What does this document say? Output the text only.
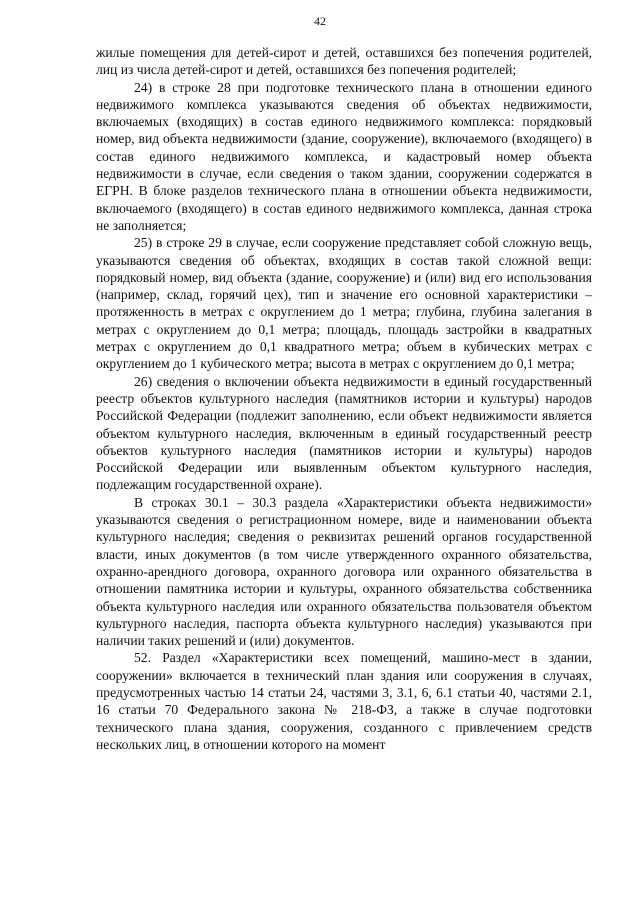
42

жилые помещения для детей-сирот и детей, оставшихся без попечения родителей, лиц из числа детей-сирот и детей, оставшихся без попечения родителей;

24) в строке 28 при подготовке технического плана в отношении единого недвижимого комплекса указываются сведения об объектах недвижимости, включаемых (входящих) в состав единого недвижимого комплекса: порядковый номер, вид объекта недвижимости (здание, сооружение), включаемого (входящего) в состав единого недвижимого комплекса, и кадастровый номер объекта недвижимости в случае, если сведения о таком здании, сооружении содержатся в ЕГРН. В блоке разделов технического плана в отношении объекта недвижимости, включаемого (входящего) в состав единого недвижимого комплекса, данная строка не заполняется;

25) в строке 29 в случае, если сооружение представляет собой сложную вещь, указываются сведения об объектах, входящих в состав такой сложной вещи: порядковый номер, вид объекта (здание, сооружение) и (или) вид его использования (например, склад, горячий цех), тип и значение его основной характеристики – протяженность в метрах с округлением до 1 метра; глубина, глубина залегания в метрах с округлением до 0,1 метра; площадь, площадь застройки в квадратных метрах с округлением до 0,1 квадратного метра; объем в кубических метрах с округлением до 1 кубического метра; высота в метрах с округлением до 0,1 метра;

26) сведения о включении объекта недвижимости в единый государственный реестр объектов культурного наследия (памятников истории и культуры) народов Российской Федерации (подлежит заполнению, если объект недвижимости является объектом культурного наследия, включенным в единый государственный реестр объектов культурного наследия (памятников истории и культуры) народов Российской Федерации или выявленным объектом культурного наследия, подлежащим государственной охране).

В строках 30.1 – 30.3 раздела «Характеристики объекта недвижимости» указываются сведения о регистрационном номере, виде и наименовании объекта культурного наследия; сведения о реквизитах решений органов государственной власти, иных документов (в том числе утвержденного охранного обязательства, охранно-арендного договора, охранного договора или охранного обязательства в отношении памятника истории и культуры, охранного обязательства собственника объекта культурного наследия или охранного обязательства пользователя объектом культурного наследия, паспорта объекта культурного наследия) указываются при наличии таких решений и (или) документов.

52. Раздел «Характеристики всех помещений, машино-мест в здании, сооружении» включается в технический план здания или сооружения в случаях, предусмотренных частью 14 статьи 24, частями 3, 3.1, 6, 6.1 статьи 40, частями 2.1, 16 статьи 70 Федерального закона № 218-ФЗ, а также в случае подготовки технического плана здания, сооружения, созданного с привлечением средств нескольких лиц, в отношении которого на момент
